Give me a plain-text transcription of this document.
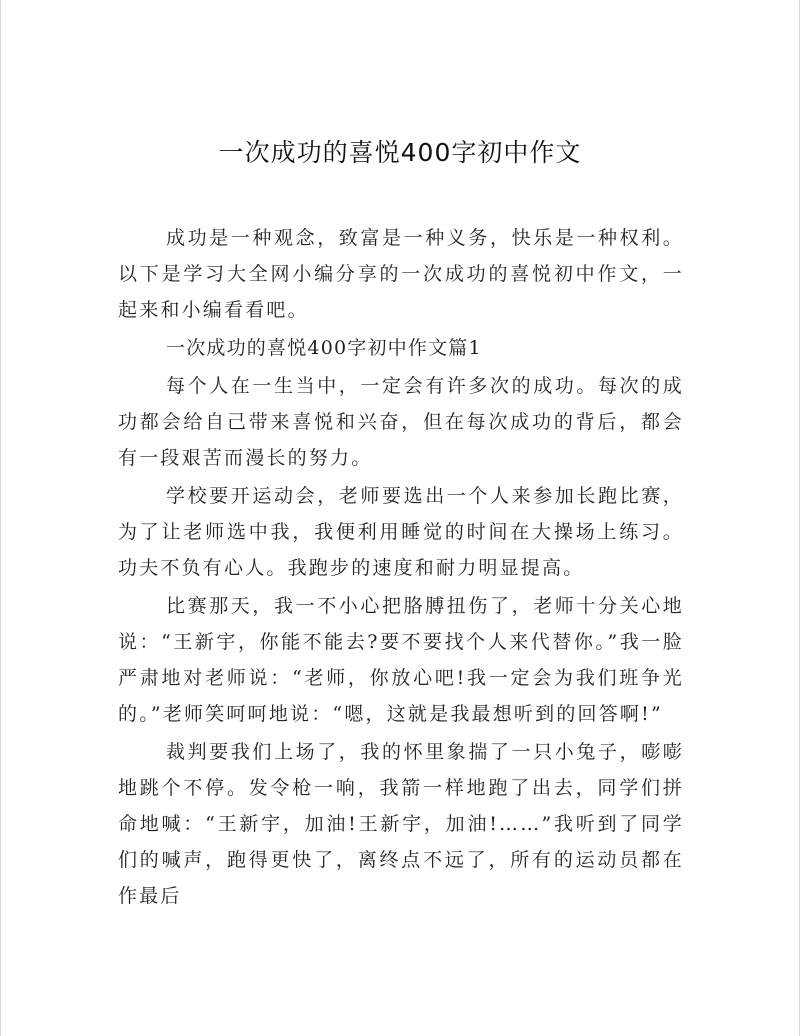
一次成功的喜悦400字初中作文

成功是一种观念，致富是一种义务，快乐是一种权利。以下是学习大全网小编分享的一次成功的喜悦初中作文，一起来和小编看看吧。

一次成功的喜悦400字初中作文篇1

每个人在一生当中，一定会有许多次的成功。每次的成功都会给自己带来喜悦和兴奋，但在每次成功的背后，都会有一段艰苦而漫长的努力。

学校要开运动会，老师要选出一个人来参加长跑比赛，为了让老师选中我，我便利用睡觉的时间在大操场上练习。功夫不负有心人。我跑步的速度和耐力明显提高。

比赛那天，我一不小心把胳膊扭伤了，老师十分关心地说：“王新宇，你能不能去?要不要找个人来代替你。”我一脸严肃地对老师说：“老师，你放心吧!我一定会为我们班争光的。”老师笑呵呵地说：“嗯，这就是我最想听到的回答啊!”

裁判要我们上场了，我的怀里象揣了一只小兔子，嘭嘭地跳个不停。发令枪一响，我箭一样地跑了出去，同学们拼命地喊：“王新宇，加油!王新宇，加油!……”我听到了同学们的喊声，跑得更快了，离终点不远了，所有的运动员都在作最后
